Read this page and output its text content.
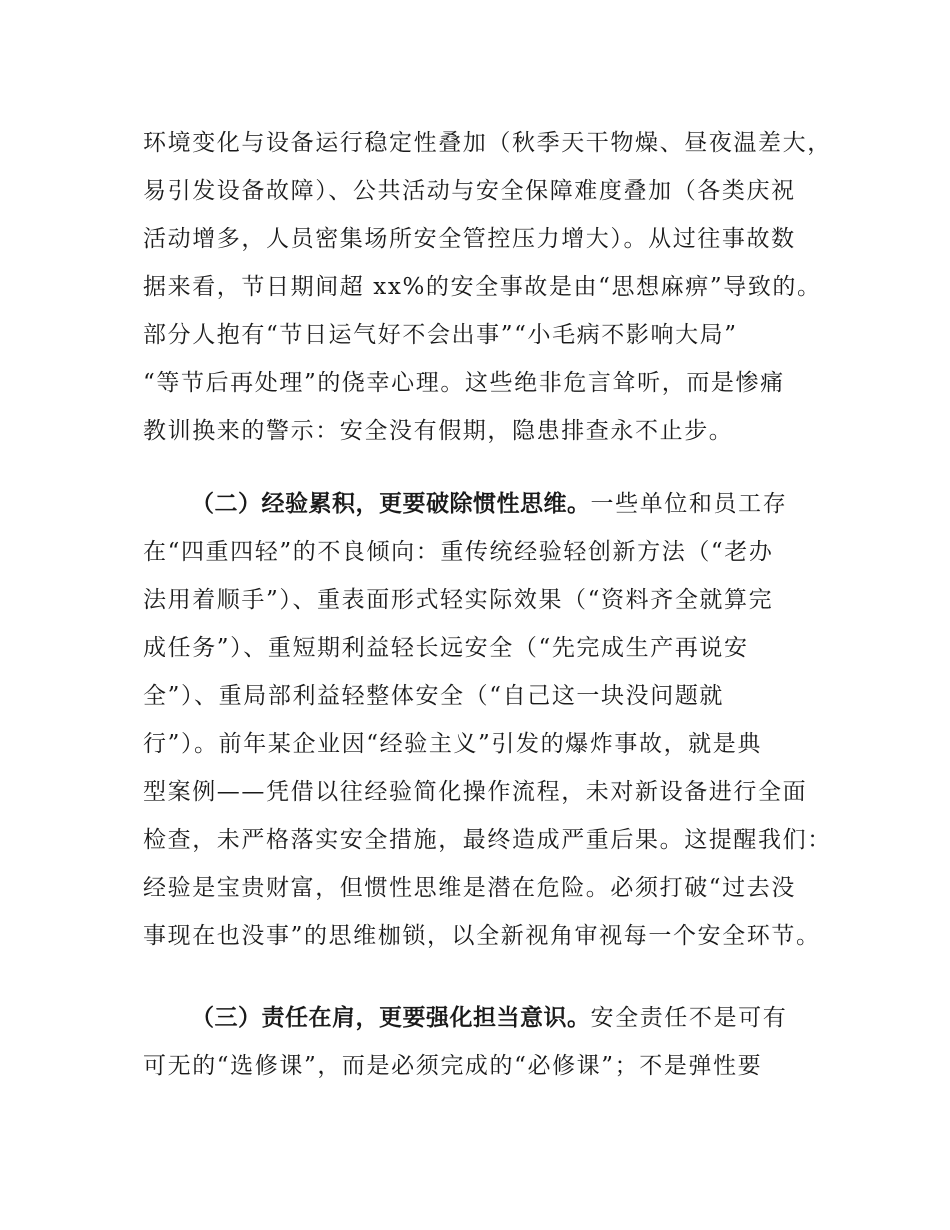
环境变化与设备运行稳定性叠加（秋季天干物燥、昼夜温差大，
易引发设备故障）、公共活动与安全保障难度叠加（各类庆祝
活动增多，人员密集场所安全管控压力增大）。从过往事故数
据来看，节日期间超 xx%的安全事故是由“思想麻痹”导致的。
部分人抱有“节日运气好不会出事”“小毛病不影响大局”
“等节后再处理”的侥幸心理。这些绝非危言耸听，而是惨痛
教训换来的警示：安全没有假期，隐患排查永不止步。
（二）经验累积，更要破除惯性思维。一些单位和员工存
在“四重四轻”的不良倾向：重传统经验轻创新方法（“老办
法用着顺手”）、重表面形式轻实际效果（“资料齐全就算完
成任务”）、重短期利益轻长远安全（“先完成生产再说安
全”）、重局部利益轻整体安全（“自己这一块没问题就
行”）。前年某企业因“经验主义”引发的爆炸事故，就是典
型案例——凭借以往经验简化操作流程，未对新设备进行全面
检查，未严格落实安全措施，最终造成严重后果。这提醒我们：
经验是宝贵财富，但惯性思维是潜在危险。必须打破“过去没
事现在也没事”的思维枷锁，以全新视角审视每一个安全环节。
（三）责任在肩，更要强化担当意识。安全责任不是可有
可无的“选修课”，而是必须完成的“必修课”；不是弹性要
